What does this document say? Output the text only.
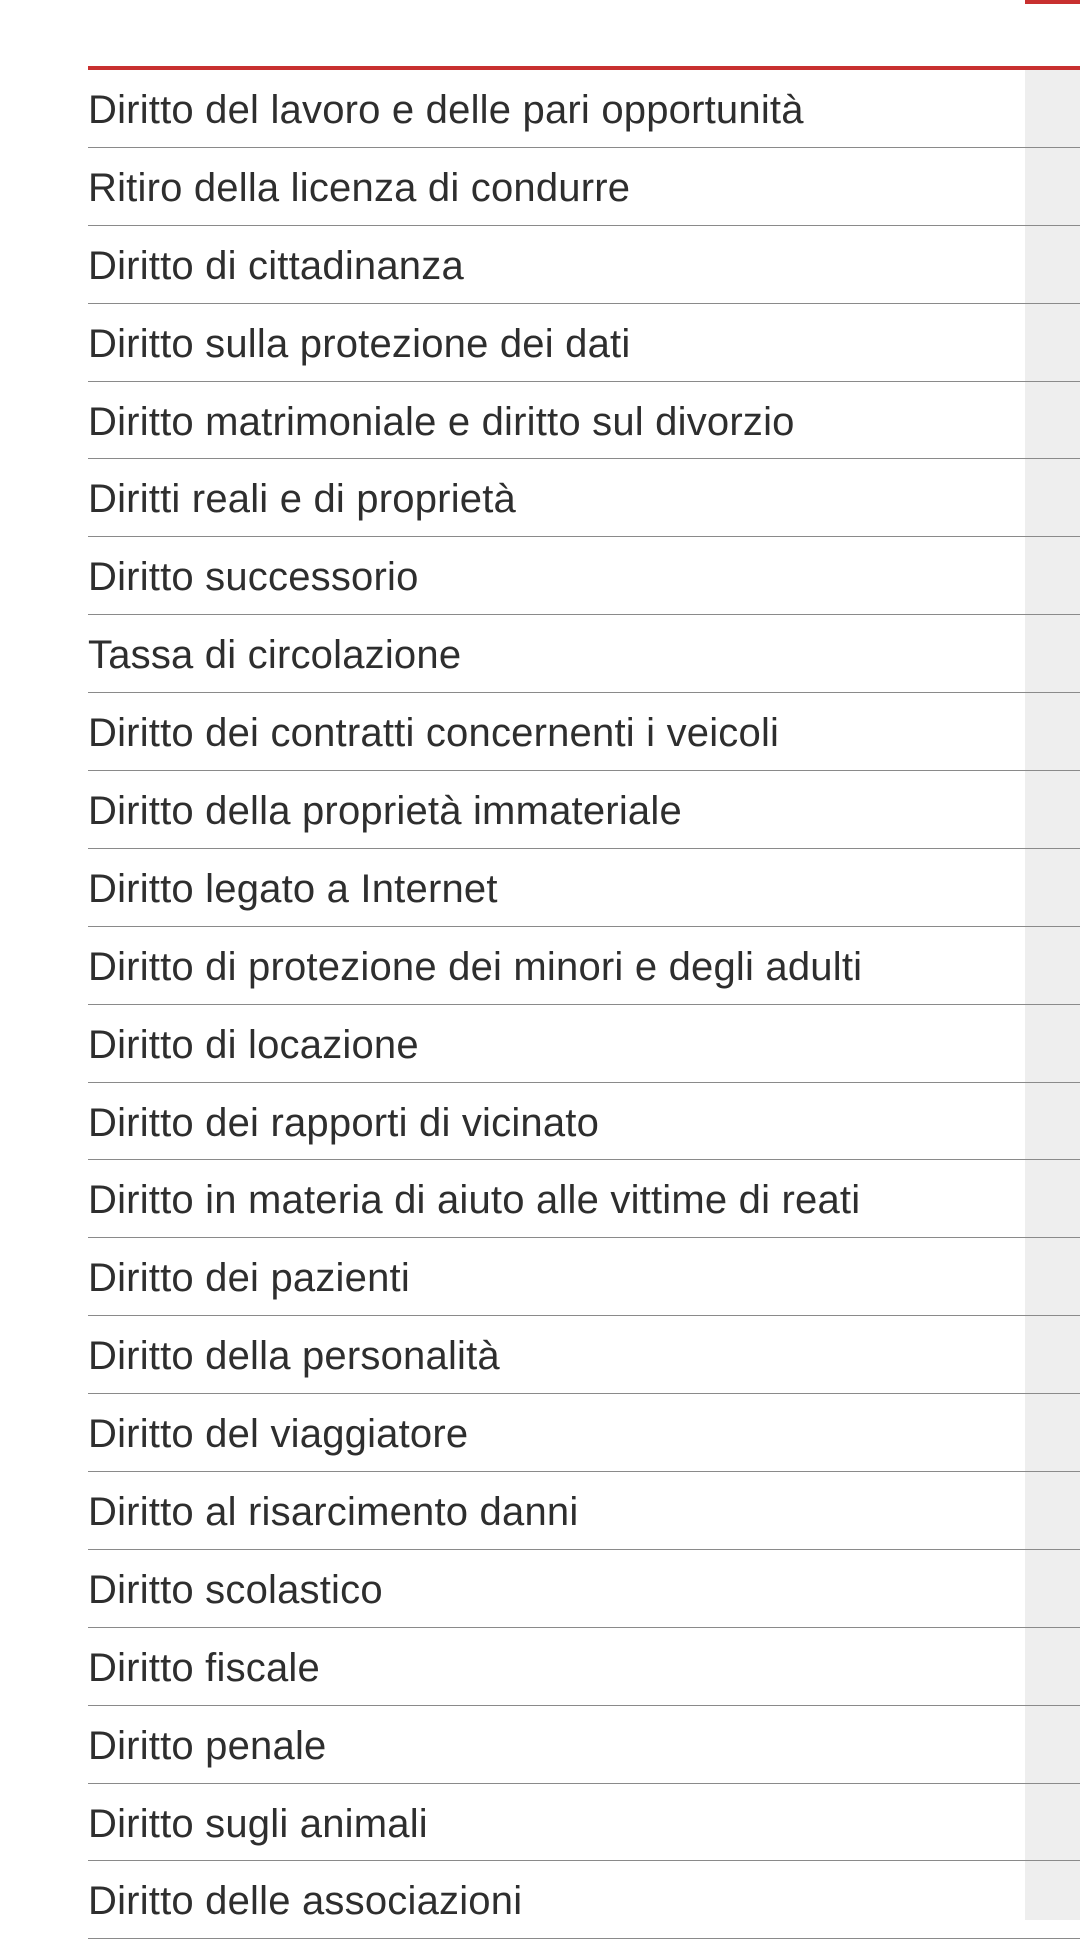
Diritto del lavoro e delle pari opportunità
Ritiro della licenza di condurre
Diritto di cittadinanza
Diritto sulla protezione dei dati
Diritto matrimoniale e diritto sul divorzio
Diritti reali e di proprietà
Diritto successorio
Tassa di circolazione
Diritto dei contratti concernenti i veicoli
Diritto della proprietà immateriale
Diritto legato a Internet
Diritto di protezione dei minori e degli adulti
Diritto di locazione
Diritto dei rapporti di vicinato
Diritto in materia di aiuto alle vittime di reati
Diritto dei pazienti
Diritto della personalità
Diritto del viaggiatore
Diritto al risarcimento danni
Diritto scolastico
Diritto fiscale
Diritto penale
Diritto sugli animali
Diritto delle associazioni
